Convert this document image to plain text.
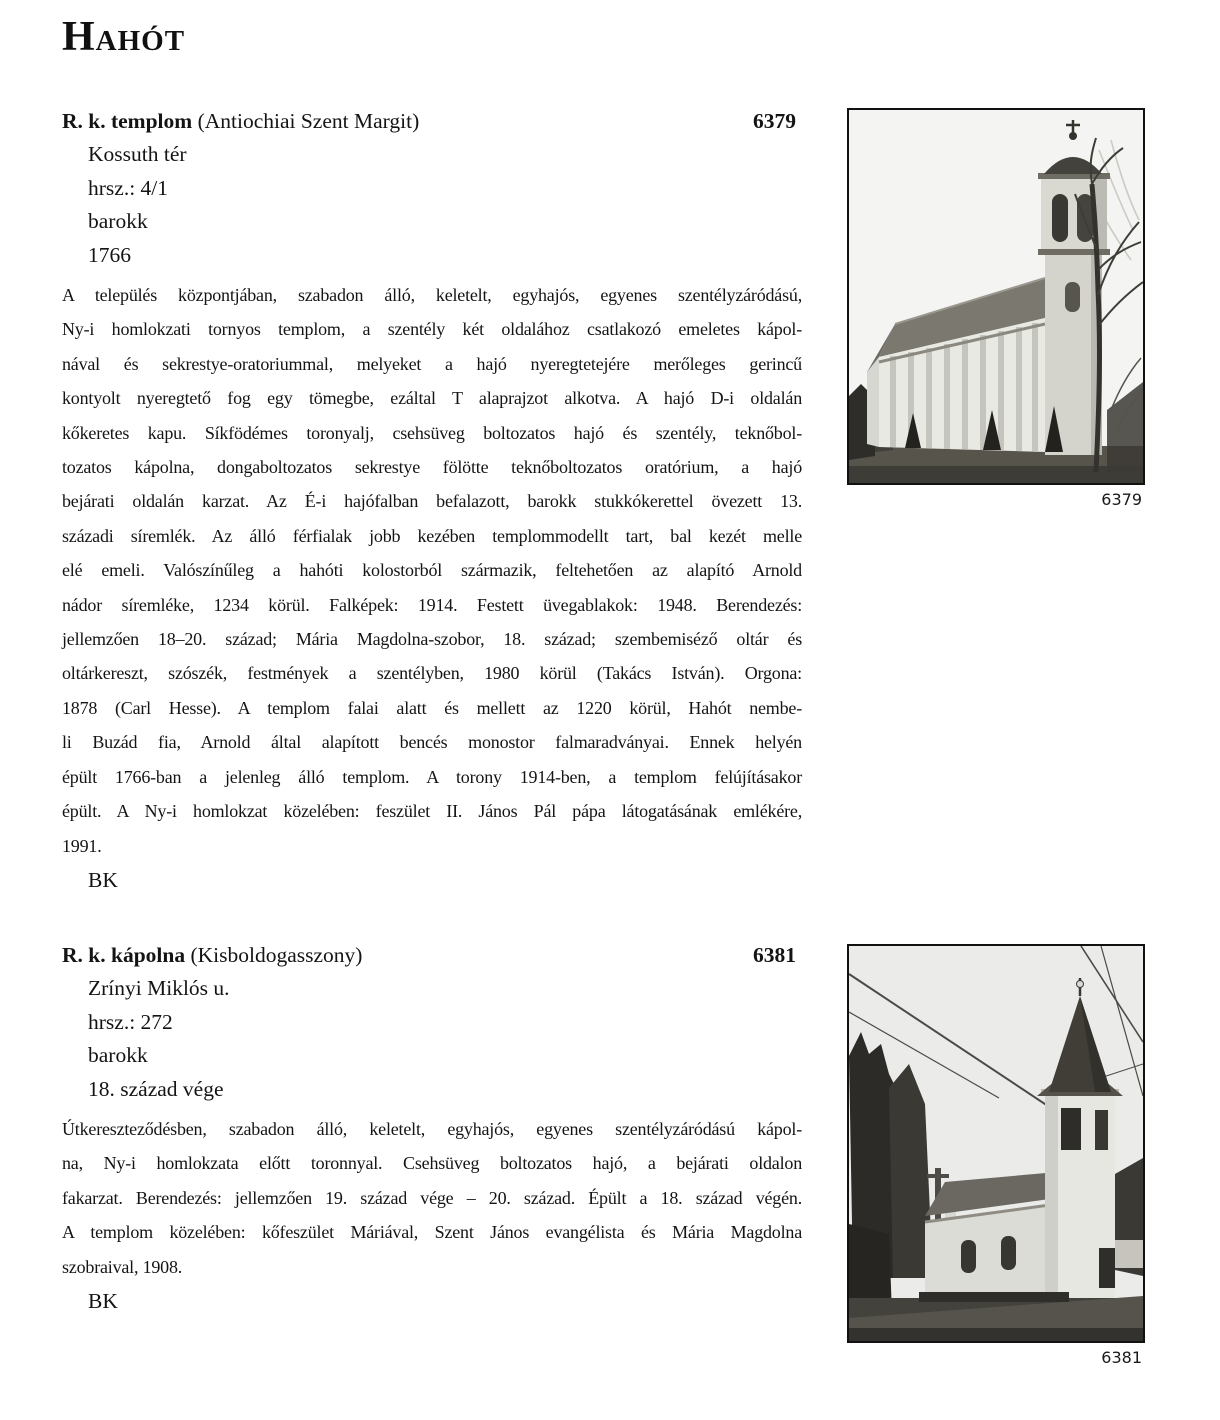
Hahót
R. k. templom (Antiochiai Szent Margit)	6379
Kossuth tér
hrsz.: 4/1
barokk
1766
A település központjában, szabadon álló, keletelt, egyhajós, egyenes szentélyzáródású,
Ny-i homlokzati tornyos templom, a szentély két oldalához csatlakozó emeletes kápol-
nával és sekrestye-oratoriummal, melyeket a hajó nyeregtetejére merőleges gerincű
kontyolt nyeregtető fog egy tömegbe, ezáltal T alaprajzot alkotva. A hajó D-i oldalán
kőkeretes kapu. Síkfödémes toronyalj, csehsüveg boltozatos hajó és szentély, teknőbol-
tozatos kápolna, dongaboltozatos sekrestye fölötte teknőboltozatos oratórium, a hajó
bejárati oldalán karzat. Az É-i hajófalban befalazott, barokk stukkókerettel övezett 13.
századi síremlék. Az álló férfialak jobb kezében templommodellt tart, bal kezét melle
elé emeli. Valószínűleg a hahóti kolostorból származik, feltehetően az alapító Arnold
nádor síremléke, 1234 körül. Falképek: 1914. Festett üvegablakok: 1948. Berendezés:
jellemzően 18–20. század; Mária Magdolna-szobor, 18. század; szembemiséző oltár és
oltárkereszt, szószék, festmények a szentélyben, 1980 körül (Takács István). Orgona:
1878 (Carl Hesse). A templom falai alatt és mellett az 1220 körül, Hahót nembe-
li Buzád fia, Arnold által alapított bencés monostor falmaradványai. Ennek helyén
épült 1766-ban a jelenleg álló templom. A torony 1914-ben, a templom felújításakor
épült. A Ny-i homlokzat közelében: feszület II. János Pál pápa látogatásának emlékére,
1991.
BK
R. k. kápolna (Kisboldogasszony)	6381
Zrínyi Miklós u.
hrsz.: 272
barokk
18. század vége
Útkereszteződésben, szabadon álló, keletelt, egyhajós, egyenes szentélyzáródású kápol-
na, Ny-i homlokzata előtt toronnyal. Csehsüveg boltozatos hajó, a bejárati oldalon
fakarzat. Berendezés: jellemzően 19. század vége – 20. század. Épült a 18. század végén.
A templom közelében: kőfeszület Máriával, Szent János evangélista és Mária Magdolna
szobraival, 1908.
BK
6379
6381
